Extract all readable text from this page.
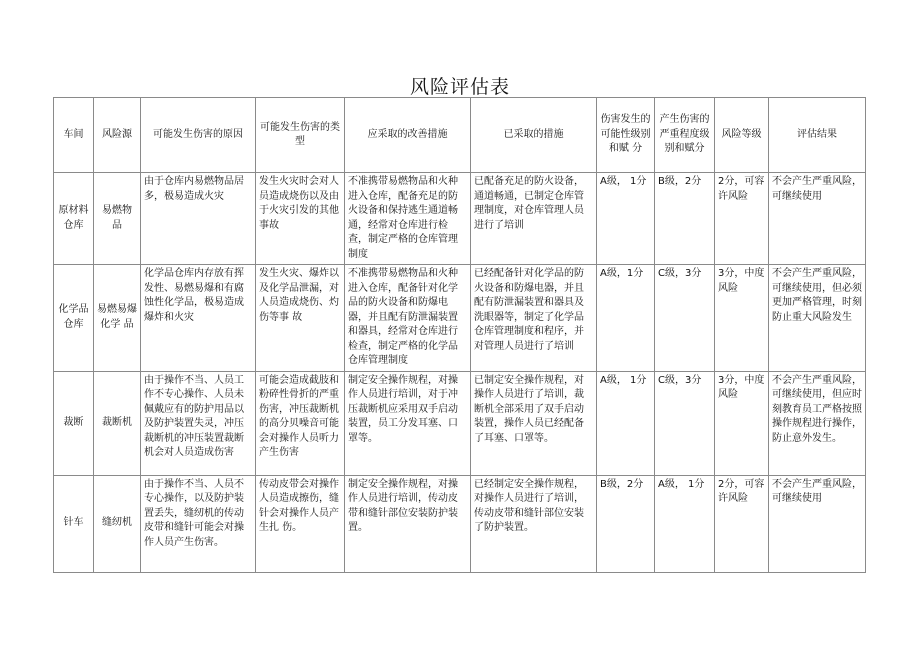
风险评估表
车间	风险源	可能发生伤害的原因	可能发生伤害的类型	应采取的改善措施	已采取的措施	伤害发生的可能性级别和赋 分	产生伤害的严重程度级别和赋分	风险等级	评估结果
原材料仓库	易燃物 品	由于仓库内易燃物品居多，极易造成火灾	发生火灾时会对人员造成烧伤以及由于火灾引发的其他事故	不准携带易燃物品和火种进入仓库，配备充足的防火设备和保持逃生通道畅通，经常对仓库进行检查，制定严格的仓库管理制度	已配备充足的防火设备，通道畅通，已制定仓库管理制度，对仓库管理人员进行了培训	A级， 1分	B级，2分	2分，可容许风险	不会产生严重风险，可继续使用
化学品仓库	易燃易爆化学 品	化学品仓库内存放有挥发性、易燃易爆和有腐蚀性化学品，极易造成爆炸和火灾	发生火灾、爆炸以及化学品泄漏，对人员造成烧伤、灼伤等事 故	不准携带易燃物品和火种进入仓库，配备针对化学品的防火设备和防爆电器，并且配有防泄漏装置和器具，经常对仓库进行检查，制定严格的化学品仓库管理制度	已经配备针对化学品的防火设备和防爆电器，并且配有防泄漏装置和器具及洗眼器等，制定了化学品仓库管理制度和程序，并对管理人员进行了培训	A级，1分	C级，3分	3分，中度风险	不会产生严重风险，可继续使用，但必须更加严格管理，时刻防止重大风险发生
裁断	裁断机	由于操作不当、人员工作不专心操作、人员未佩戴应有的防护用品以及防护装置失灵，冲压裁断机的冲压装置裁断机会对人员造成伤害	可能会造成截肢和粉碎性骨折的严重伤害，冲压裁断机的高分贝噪音可能会对操作人员听力产生伤害	制定安全操作规程，对操作人员进行培训，对于冲压裁断机应采用双手启动装置，员工分发耳塞、口罩等。	已制定安全操作规程，对操作人员进行了培训，裁断机全部采用了双手启动装置，操作人员已经配备了耳塞、口罩等。	A级， 1分	C级，3分	3分，中度风险	不会产生严重风险，可继续使用，但应时刻教育员工严格按照操作规程进行操作，防止意外发生。
针车	缝纫机	由于操作不当、人员不专心操作，以及防护装置丢失，缝纫机的传动皮带和缝针可能会对操作人员产生伤害。	传动皮带会对操作人员造成擦伤，缝针会对操作人员产生扎 伤。	制定安全操作规程，对操作人员进行培训，传动皮带和缝针部位安装防护装置。	已经制定安全操作规程，对操作人员进行了培训，传动皮带和缝针部位安装了防护装置。	B级，2分	A级， 1分	2分，可容许风险	不会产生严重风险，可继续使用
